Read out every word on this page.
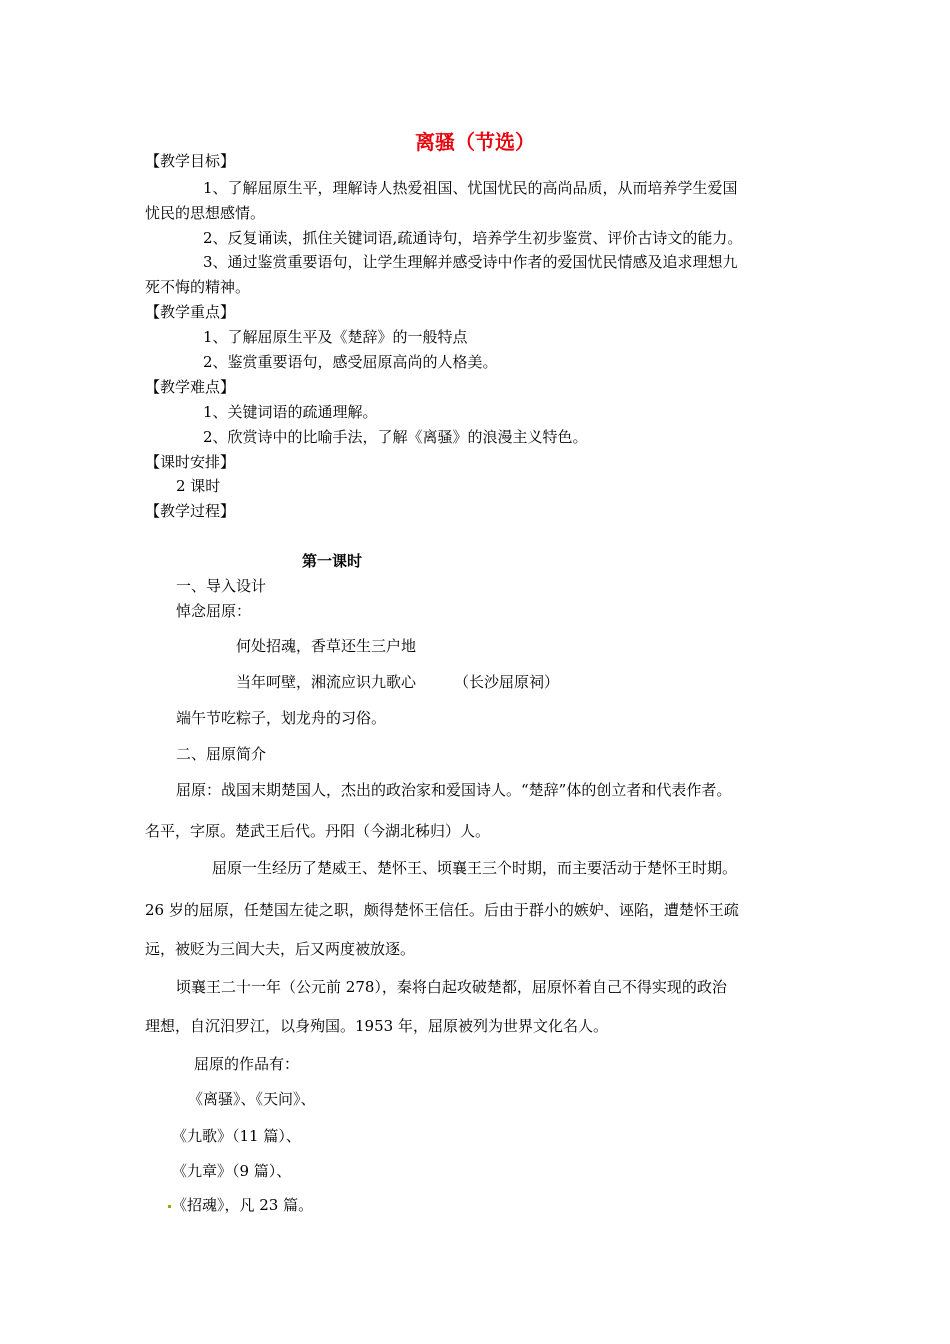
离骚（节选）
【教学目标】
1、了解屈原生平，理解诗人热爱祖国、忧国忧民的高尚品质，从而培养学生爱国
忧民的思想感情。
2、反复诵读，抓住关键词语,疏通诗句，培养学生初步鉴赏、评价古诗文的能力。
3、通过鉴赏重要语句，让学生理解并感受诗中作者的爱国忧民情感及追求理想九
死不悔的精神。
【教学重点】
1、了解屈原生平及《楚辞》的一般特点
2、鉴赏重要语句，感受屈原高尚的人格美。
【教学难点】
1、关键词语的疏通理解。
2、欣赏诗中的比喻手法，了解《离骚》的浪漫主义特色。
【课时安排】
2 课时
【教学过程】
第一课时
一、导入设计
悼念屈原：
何处招魂，香草还生三户地
当年呵壁，湘流应识九歌心	（长沙屈原祠）
端午节吃粽子，划龙舟的习俗。
二、屈原简介
屈原：战国末期楚国人，杰出的政治家和爱国诗人。“楚辞”体的创立者和代表作者。
名平，字原。楚武王后代。丹阳（今湖北秭归）人。
屈原一生经历了楚威王、楚怀王、顷襄王三个时期，而主要活动于楚怀王时期。
26 岁的屈原，任楚国左徒之职，颇得楚怀王信任。后由于群小的嫉妒、诬陷，遭楚怀王疏
远，被贬为三闾大夫，后又两度被放逐。
顷襄王二十一年（公元前 278），秦将白起攻破楚都，屈原怀着自己不得实现的政治
理想，自沉汨罗江，以身殉国。1953 年，屈原被列为世界文化名人。
屈原的作品有：
《离骚》、《天问》、
《九歌》（11 篇）、
《九章》（9 篇）、
《招魂》，凡 23 篇。
